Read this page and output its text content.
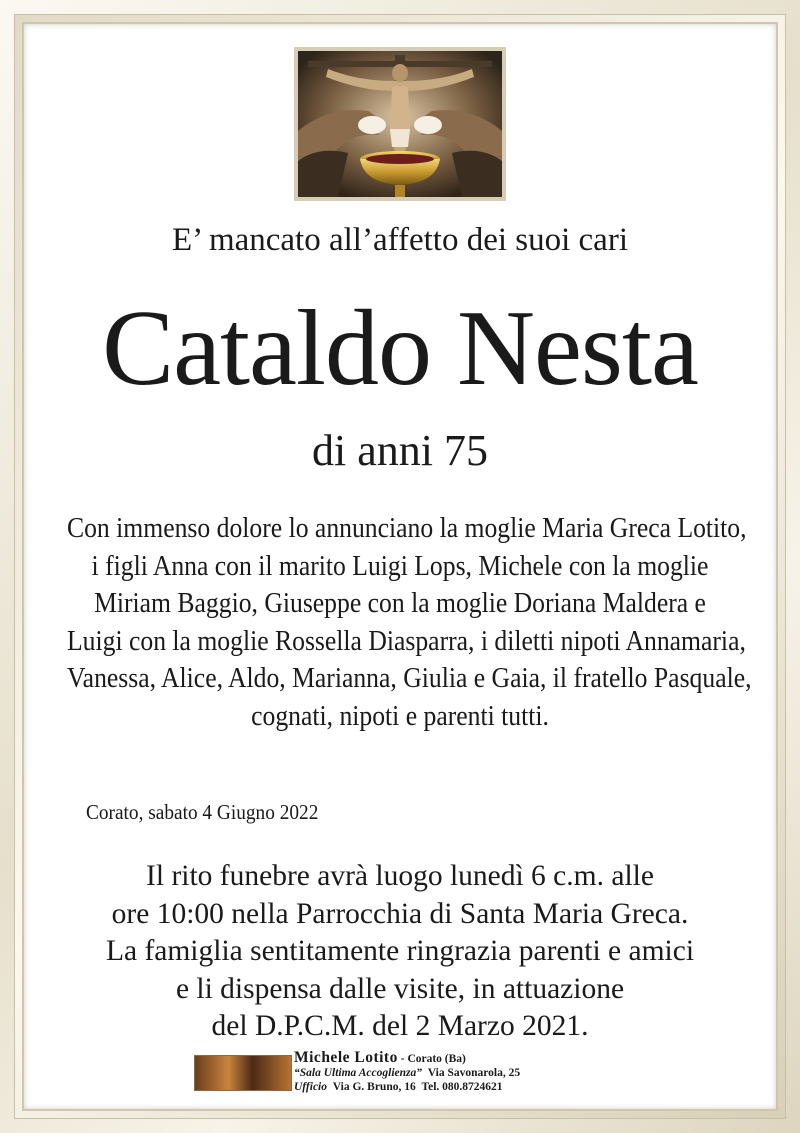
E’ mancato all’affetto dei suoi cari

Cataldo Nesta

di anni 75

Con immenso dolore lo annunciano la moglie Maria Greca Lotito,
i figli Anna con il marito Luigi Lops, Michele con la moglie
Miriam Baggio, Giuseppe con la moglie Doriana Maldera e
Luigi con la moglie Rossella Diasparra, i diletti nipoti Annamaria,
Vanessa, Alice, Aldo, Marianna, Giulia e Gaia, il fratello Pasquale,
cognati, nipoti e parenti tutti.
Corato, sabato 4 Giugno 2022
Il rito funebre avrà luogo lunedì 6 c.m. alle
ore 10:00 nella Parrocchia di Santa Maria Greca.
La famiglia sentitamente ringrazia parenti e amici
e li dispensa dalle visite, in attuazione
del D.P.C.M. del 2 Marzo 2021.
Michele Lotito - Corato (Ba)
“Sala Ultima Accoglienza” Via Savonarola, 25
Ufficio Via G. Bruno, 16 Tel. 080.8724621
